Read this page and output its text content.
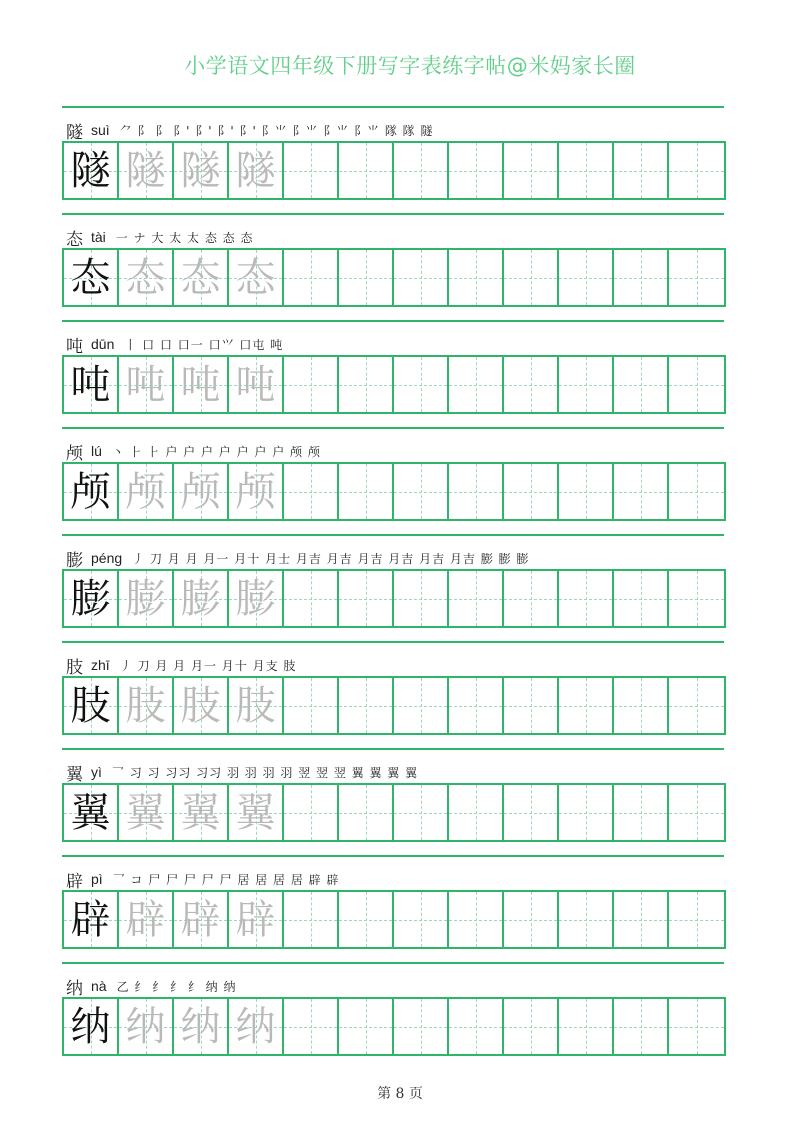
小学语文四年级下册写字表练字帖@米妈家长圈
隧 suì ⺈ 阝 阝 阝' 阝' 阝' 阝' 阝⺌ 阝⺌ 阝⺌ 阝⺌ 隊 隊 隧
隧 隧 隧 隧
态 tài 一 ナ 大 太 太 态 态 态
态 态 态 态
吨 dūn 丨 口 口 口一 口⺍ 口屯 吨
吨 吨 吨 吨
颅 lú 丶 ⺊ ⺊ 户 户 户 户 户 户 户 颅 颅
颅 颅 颅 颅
膨 péng 丿 刀 月 月 月一 月十 月士 月吉 月吉 月吉 月吉 月吉 月吉 膨 膨 膨
膨 膨 膨 膨
肢 zhī 丿 刀 月 月 月一 月十 月支 肢
肢 肢 肢 肢
翼 yì 乛 习 习 习习 习习 羽 羽 羽 羽 翌 翌 翌 翼 翼 翼 翼
翼 翼 翼 翼
辟 pì 乛 コ 尸 尸 尸 尸 尸 居 居 居 居 辟 辟
辟 辟 辟 辟
纳 nà 乙 纟 纟 纟 纟 纳 纳
纳 纳 纳 纳
第 8 页
